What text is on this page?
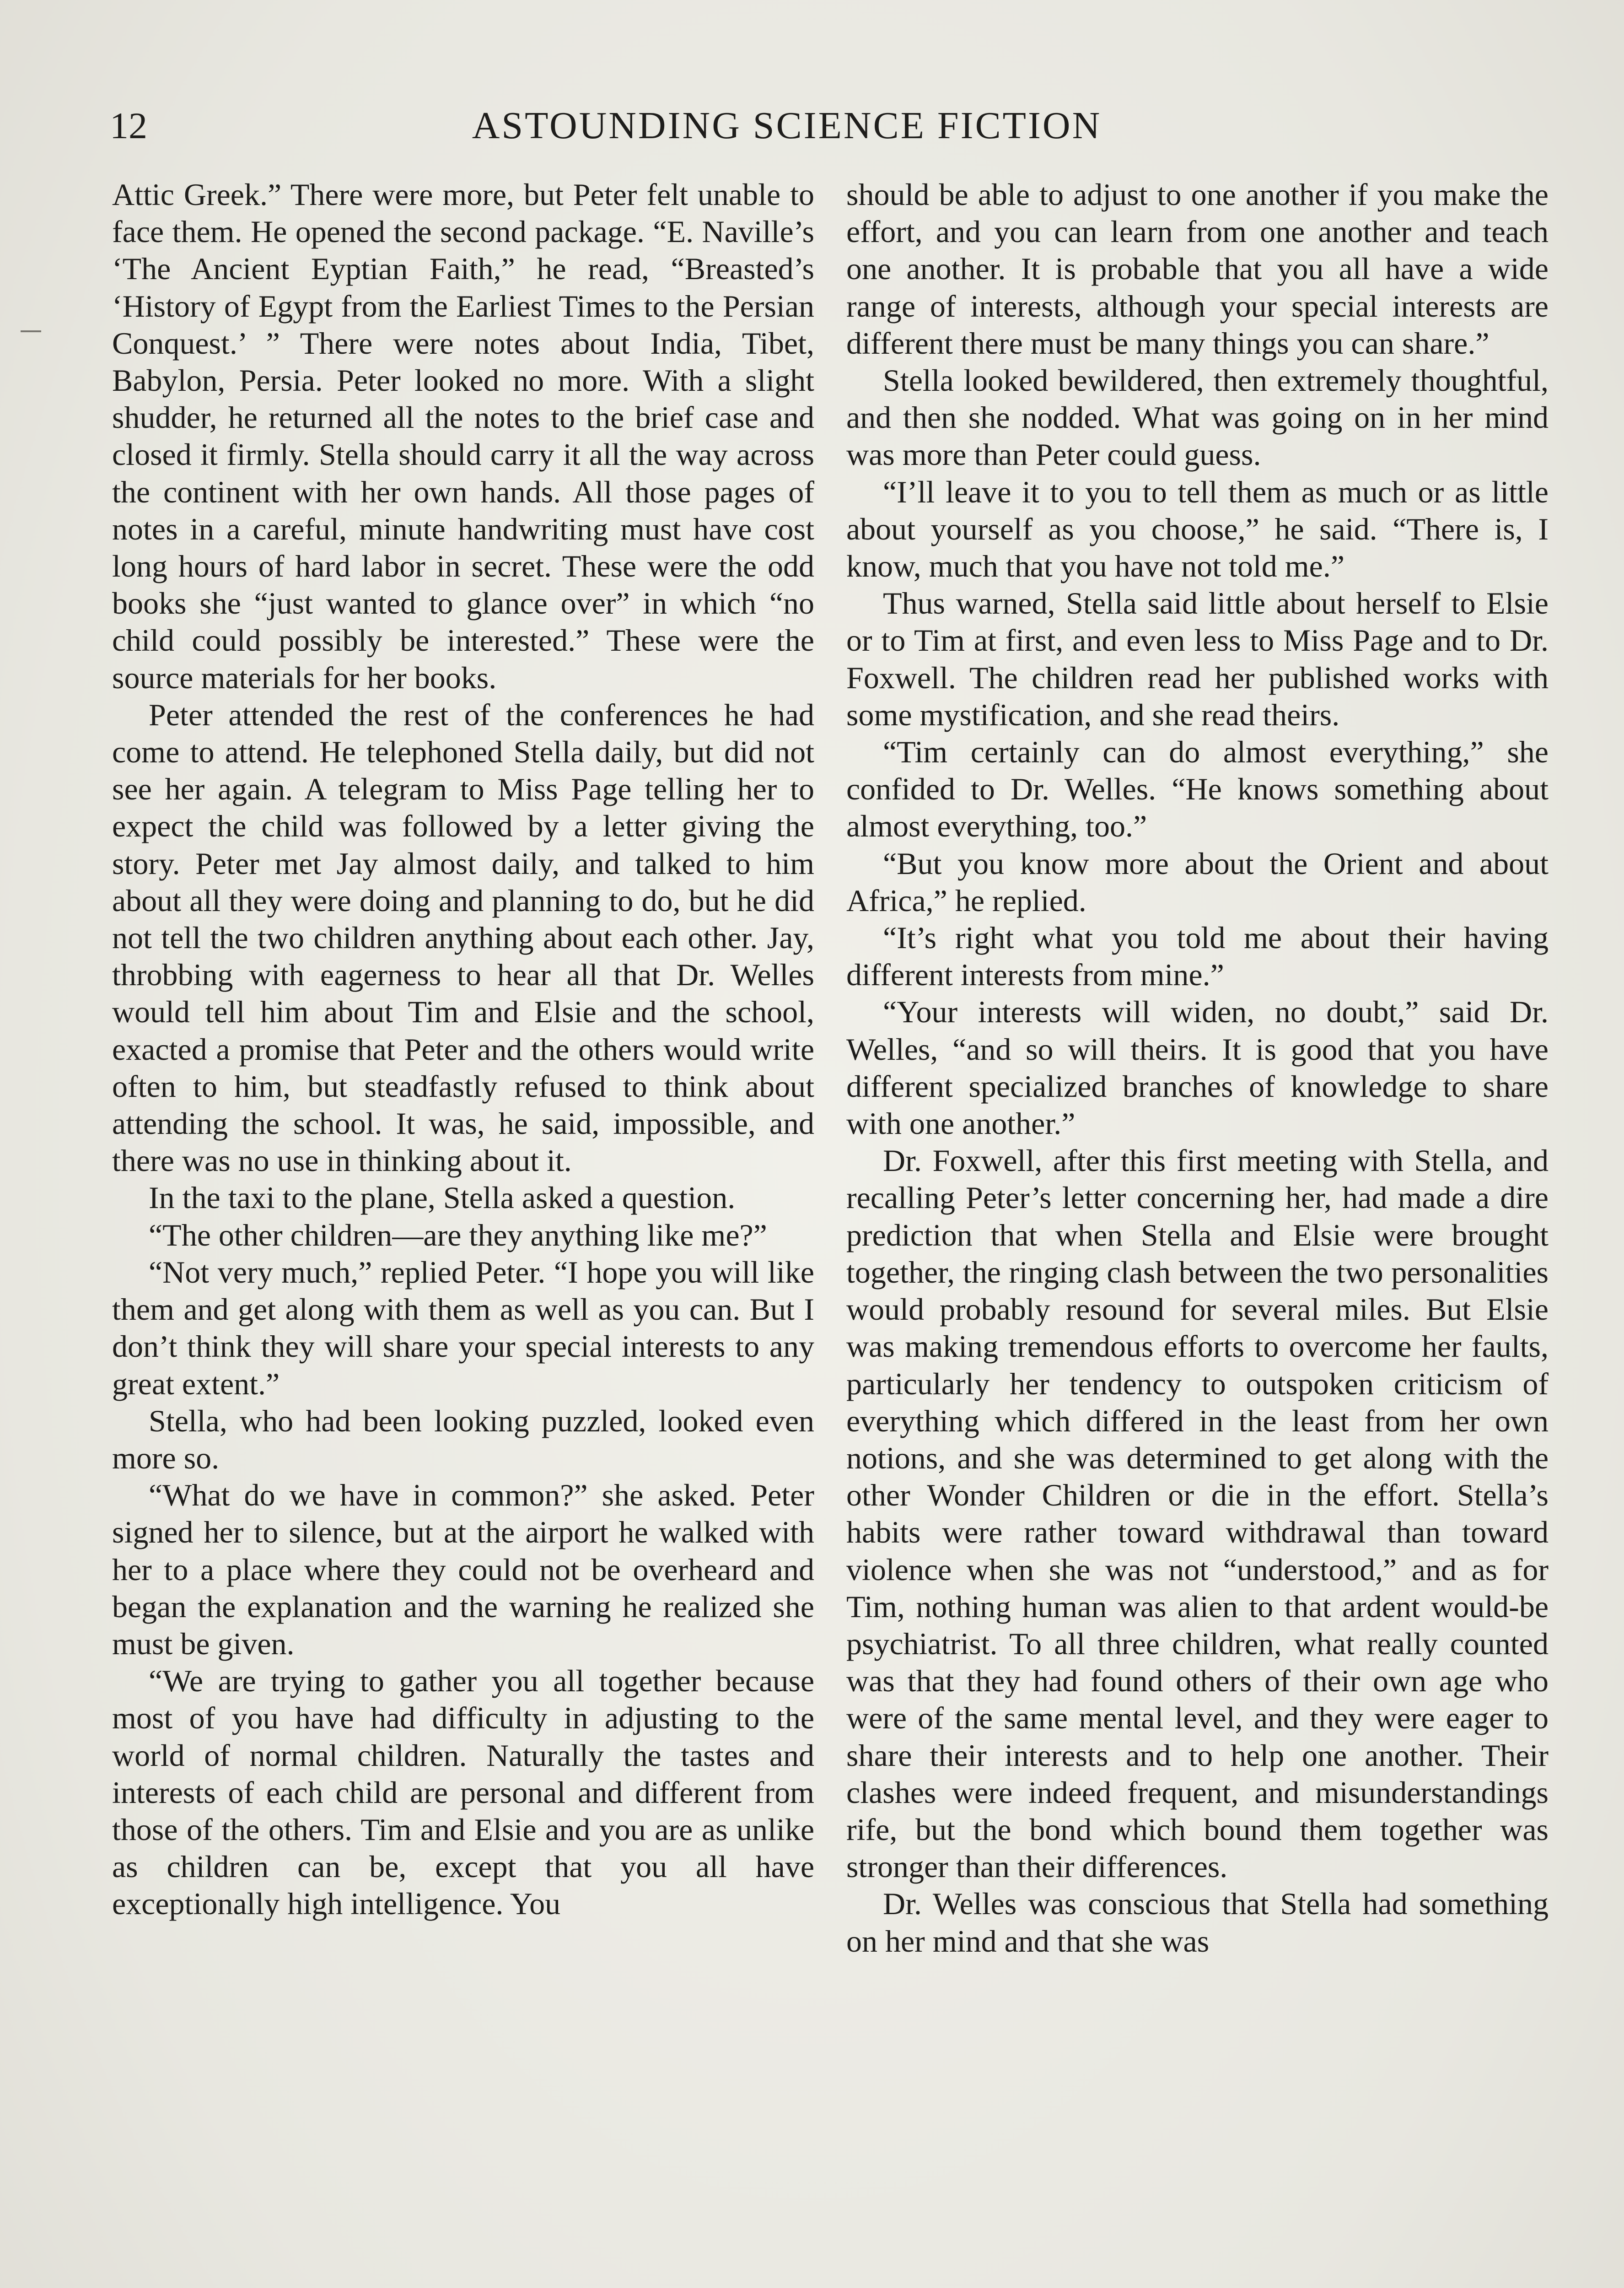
12	ASTOUNDING SCIENCE FICTION

Attic Greek.” There were more, but Peter felt unable to face them. He opened the second package. “E. Naville’s ‘The Ancient Eyptian Faith,” he read, “Breasted’s ‘History of Egypt from the Earliest Times to the Persian Conquest.’ ” There were notes about India, Tibet, Babylon, Persia. Peter looked no more. With a slight shudder, he returned all the notes to the brief case and closed it firmly. Stella should carry it all the way across the continent with her own hands. All those pages of notes in a careful, minute handwriting must have cost long hours of hard labor in secret. These were the odd books she “just wanted to glance over” in which “no child could possibly be interested.” These were the source materials for her books.

Peter attended the rest of the conferences he had come to attend. He telephoned Stella daily, but did not see her again. A telegram to Miss Page telling her to expect the child was followed by a letter giving the story. Peter met Jay almost daily, and talked to him about all they were doing and planning to do, but he did not tell the two children anything about each other. Jay, throbbing with eagerness to hear all that Dr. Welles would tell him about Tim and Elsie and the school, exacted a promise that Peter and the others would write often to him, but steadfastly refused to think about attending the school. It was, he said, impossible, and there was no use in thinking about it.

In the taxi to the plane, Stella asked a question.

“The other children—are they anything like me?”

“Not very much,” replied Peter. “I hope you will like them and get along with them as well as you can. But I don’t think they will share your special interests to any great extent.”

Stella, who had been looking puzzled, looked even more so.

“What do we have in common?” she asked. Peter signed her to silence, but at the airport he walked with her to a place where they could not be overheard and began the explanation and the warning he realized she must be given.

“We are trying to gather you all together because most of you have had difficulty in adjusting to the world of normal children. Naturally the tastes and interests of each child are personal and different from those of the others. Tim and Elsie and you are as unlike as children can be, except that you all have exceptionally high intelligence. You

should be able to adjust to one another if you make the effort, and you can learn from one another and teach one another. It is probable that you all have a wide range of interests, although your special interests are different there must be many things you can share.”

Stella looked bewildered, then extremely thoughtful, and then she nodded. What was going on in her mind was more than Peter could guess.

“I’ll leave it to you to tell them as much or as little about yourself as you choose,” he said. “There is, I know, much that you have not told me.”

Thus warned, Stella said little about herself to Elsie or to Tim at first, and even less to Miss Page and to Dr. Foxwell. The children read her published works with some mystification, and she read theirs.

“Tim certainly can do almost everything,” she confided to Dr. Welles. “He knows something about almost everything, too.”

“But you know more about the Orient and about Africa,” he replied.

“It’s right what you told me about their having different interests from mine.”

“Your interests will widen, no doubt,” said Dr. Welles, “and so will theirs. It is good that you have different specialized branches of knowledge to share with one another.”

Dr. Foxwell, after this first meeting with Stella, and recalling Peter’s letter concerning her, had made a dire prediction that when Stella and Elsie were brought together, the ringing clash between the two personalities would probably resound for several miles. But Elsie was making tremendous efforts to overcome her faults, particularly her tendency to outspoken criticism of everything which differed in the least from her own notions, and she was determined to get along with the other Wonder Children or die in the effort. Stella’s habits were rather toward withdrawal than toward violence when she was not “understood,” and as for Tim, nothing human was alien to that ardent would-be psychiatrist. To all three children, what really counted was that they had found others of their own age who were of the same mental level, and they were eager to share their interests and to help one another. Their clashes were indeed frequent, and misunderstandings rife, but the bond which bound them together was stronger than their differences.

Dr. Welles was conscious that Stella had something on her mind and that she was
